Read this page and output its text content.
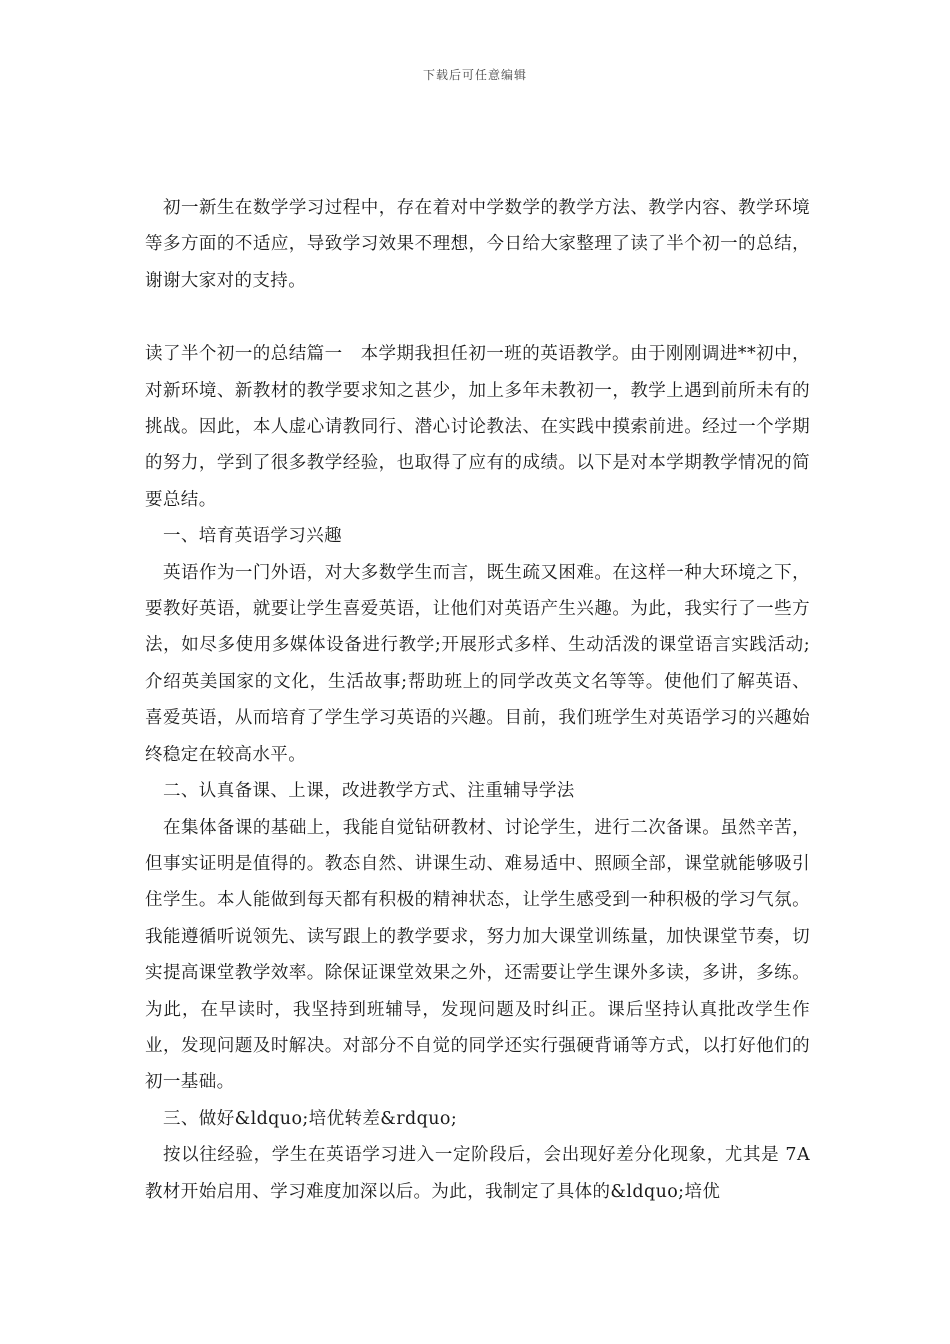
下载后可任意编辑

初一新生在数学学习过程中，存在着对中学数学的教学方法、教学内容、教学环境等多方面的不适应，导致学习效果不理想，今日给大家整理了读了半个初一的总结，谢谢大家对的支持。

读了半个初一的总结篇一　本学期我担任初一班的英语教学。由于刚刚调进**初中，对新环境、新教材的教学要求知之甚少，加上多年未教初一，教学上遇到前所未有的挑战。因此，本人虚心请教同行、潜心讨论教法、在实践中摸索前进。经过一个学期的努力，学到了很多教学经验，也取得了应有的成绩。以下是对本学期教学情况的简要总结。

一、培育英语学习兴趣

英语作为一门外语，对大多数学生而言，既生疏又困难。在这样一种大环境之下，要教好英语，就要让学生喜爱英语，让他们对英语产生兴趣。为此，我实行了一些方法，如尽多使用多媒体设备进行教学;开展形式多样、生动活泼的课堂语言实践活动;介绍英美国家的文化，生活故事;帮助班上的同学改英文名等等。使他们了解英语、喜爱英语，从而培育了学生学习英语的兴趣。目前，我们班学生对英语学习的兴趣始终稳定在较高水平。

二、认真备课、上课，改进教学方式、注重辅导学法

在集体备课的基础上，我能自觉钻研教材、讨论学生，进行二次备课。虽然辛苦，但事实证明是值得的。教态自然、讲课生动、难易适中、照顾全部，课堂就能够吸引住学生。本人能做到每天都有积极的精神状态，让学生感受到一种积极的学习气氛。我能遵循听说领先、读写跟上的教学要求，努力加大课堂训练量，加快课堂节奏，切实提高课堂教学效率。除保证课堂效果之外，还需要让学生课外多读，多讲，多练。为此，在早读时，我坚持到班辅导，发现问题及时纠正。课后坚持认真批改学生作业，发现问题及时解决。对部分不自觉的同学还实行强硬背诵等方式，以打好他们的初一基础。

三、做好&ldquo;培优转差&rdquo;

按以往经验，学生在英语学习进入一定阶段后，会出现好差分化现象，尤其是 7A 教材开始启用、学习难度加深以后。为此，我制定了具体的&ldquo;培优
